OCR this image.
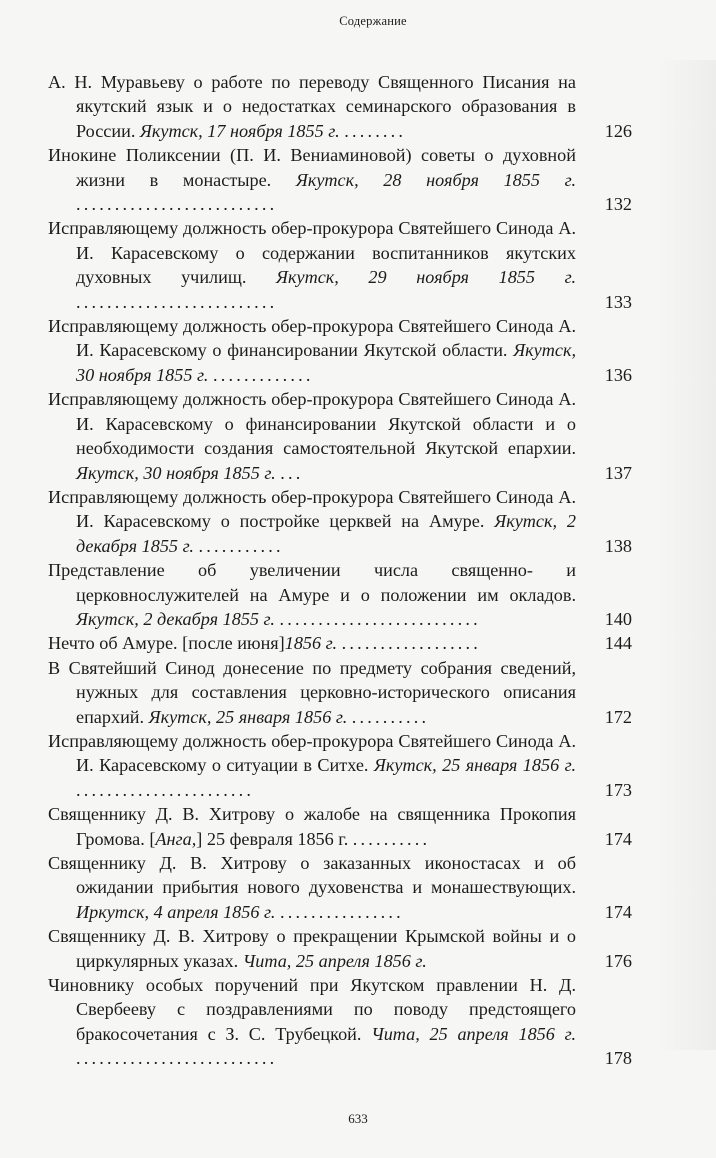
Содержание
А. Н. Муравьеву о работе по переводу Священного Писания на якутский язык и о недостатках семинарского образования в России. Якутск, 17 ноября 1855 г. ........	126
Инокине Поликсении (П. И. Вениаминовой) советы о духовной жизни в монастыре. Якутск, 28 ноября 1855 г. ..........................	132
Исправляющему должность обер-прокурора Святейшего Синода А. И. Карасевскому о содержании воспитанников якутских духовных училищ. Якутск, 29 ноября 1855 г. ..........................	133
Исправляющему должность обер-прокурора Святейшего Синода А. И. Карасевскому о финансировании Якутской области. Якутск, 30 ноября 1855 г. .............	136
Исправляющему должность обер-прокурора Святейшего Синода А. И. Карасевскому о финансировании Якутской области и о необходимости создания самостоятельной Якутской епархии. Якутск, 30 ноября 1855 г. ...	137
Исправляющему должность обер-прокурора Святейшего Синода А. И. Карасевскому о постройке церквей на Амуре. Якутск, 2 декабря 1855 г. ...........	138
Представление об увеличении числа священно- и церковнослужителей на Амуре и о положении им окладов. Якутск, 2 декабря 1855 г. ..........................	140
Нечто об Амуре. [после июня]1856 г. ..................	144
В Святейший Синод донесение по предмету собрания сведений, нужных для составления церковно-исторического описания епархий. Якутск, 25 января 1856 г. ..........	172
Исправляющему должность обер-прокурора Святейшего Синода А. И. Карасевскому о ситуации в Ситхе. Якутск, 25 января 1856 г. .......................	173
Священнику Д. В. Хитрову о жалобе на священника Прокопия Громова. [Анга,] 25 февраля 1856 г. ..........	174
Священнику Д. В. Хитрову о заказанных иконостасах и об ожидании прибытия нового духовенства и монашествующих. Иркутск, 4 апреля 1856 г. ................	174
Священнику Д. В. Хитрову о прекращении Крымской войны и о циркулярных указах. Чита, 25 апреля 1856 г.	176
Чиновнику особых поручений при Якутском правлении Н. Д. Свербееву с поздравлениями по поводу предстоящего бракосочетания с З. С. Трубецкой. Чита, 25 апреля 1856 г. ..........................	178
633
